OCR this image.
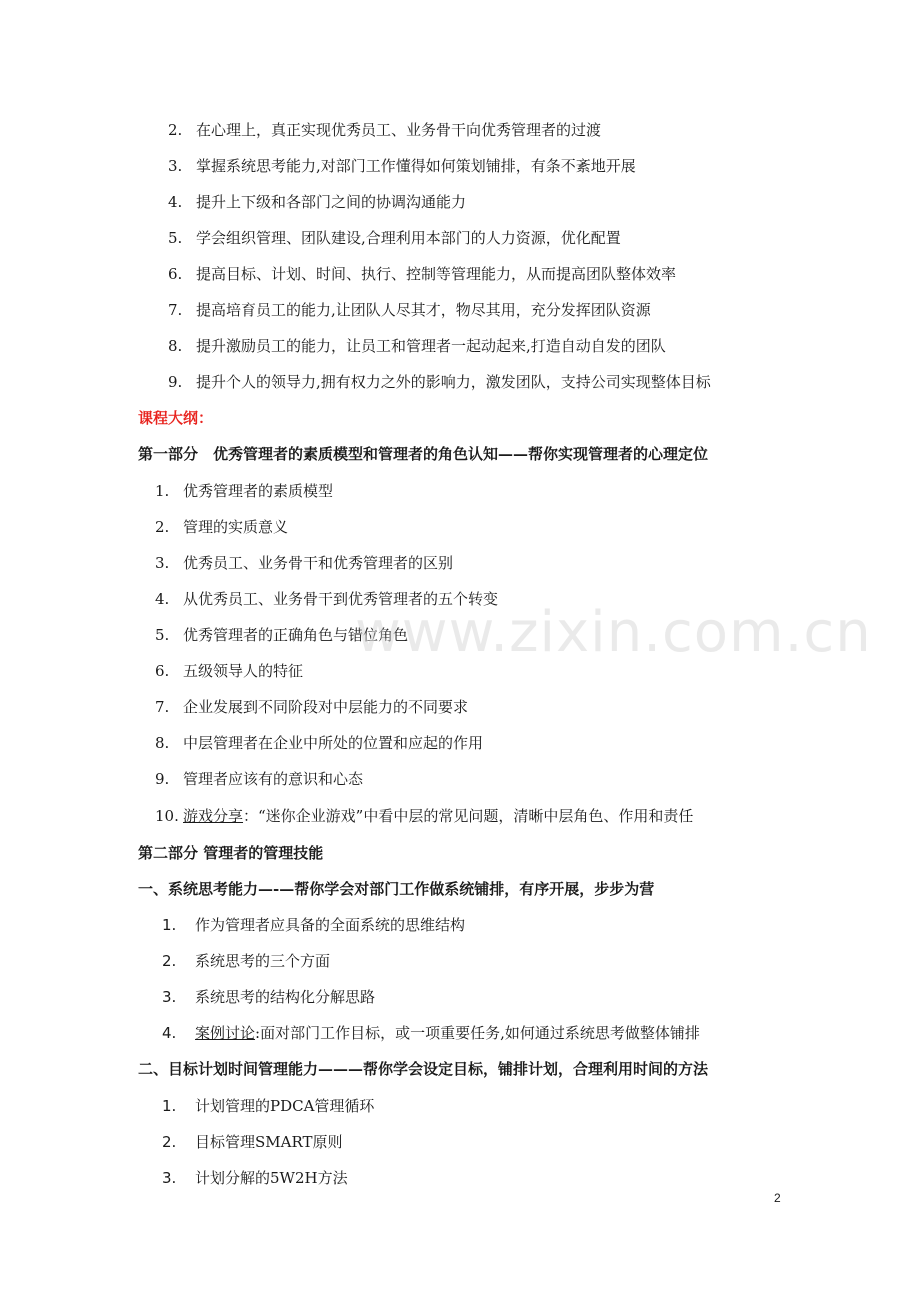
2. 在心理上，真正实现优秀员工、业务骨干向优秀管理者的过渡
3. 掌握系统思考能力,对部门工作懂得如何策划铺排，有条不紊地开展
4. 提升上下级和各部门之间的协调沟通能力
5. 学会组织管理、团队建设,合理利用本部门的人力资源，优化配置
6. 提高目标、计划、时间、执行、控制等管理能力，从而提高团队整体效率
7. 提高培育员工的能力,让团队人尽其才，物尽其用，充分发挥团队资源
8. 提升激励员工的能力，让员工和管理者一起动起来,打造自动自发的团队
9. 提升个人的领导力,拥有权力之外的影响力，激发团队，支持公司实现整体目标
课程大纲：
第一部分　优秀管理者的素质模型和管理者的角色认知——帮你实现管理者的心理定位
1. 优秀管理者的素质模型
2. 管理的实质意义
3. 优秀员工、业务骨干和优秀管理者的区别
4. 从优秀员工、业务骨干到优秀管理者的五个转变
5. 优秀管理者的正确角色与错位角色
6. 五级领导人的特征
7. 企业发展到不同阶段对中层能力的不同要求
8. 中层管理者在企业中所处的位置和应起的作用
9. 管理者应该有的意识和心态
10. 游戏分享：“迷你企业游戏”中看中层的常见问题，清晰中层角色、作用和责任
第二部分 管理者的管理技能
一、系统思考能力—-—帮你学会对部门工作做系统铺排，有序开展，步步为营
1. 作为管理者应具备的全面系统的思维结构
2. 系统思考的三个方面
3. 系统思考的结构化分解思路
4. 案例讨论:面对部门工作目标，或一项重要任务,如何通过系统思考做整体铺排
二、目标计划时间管理能力———帮你学会设定目标，铺排计划，合理利用时间的方法
1. 计划管理的PDCA管理循环
2. 目标管理SMART原则
3. 计划分解的5W2H方法
www.zixin.com.cn
2
